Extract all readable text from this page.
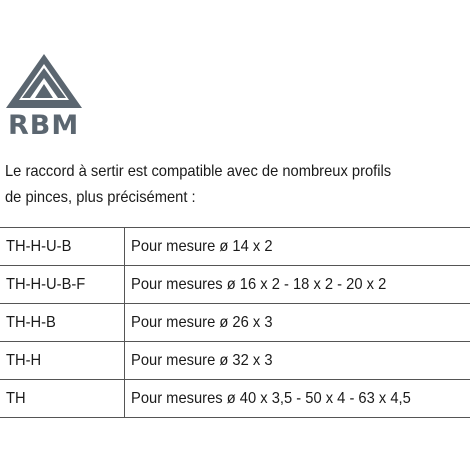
RBM
Le raccord à sertir est compatible avec de nombreux profils
de pinces, plus précisément :
TH-H-U-B	Pour mesure ø 14 x 2
TH-H-U-B-F	Pour mesures ø 16 x 2 - 18 x 2 - 20 x 2
TH-H-B	Pour mesure ø 26 x 3
TH-H	Pour mesure ø 32 x 3
TH	Pour mesures ø 40 x 3,5 - 50 x 4 - 63 x 4,5
